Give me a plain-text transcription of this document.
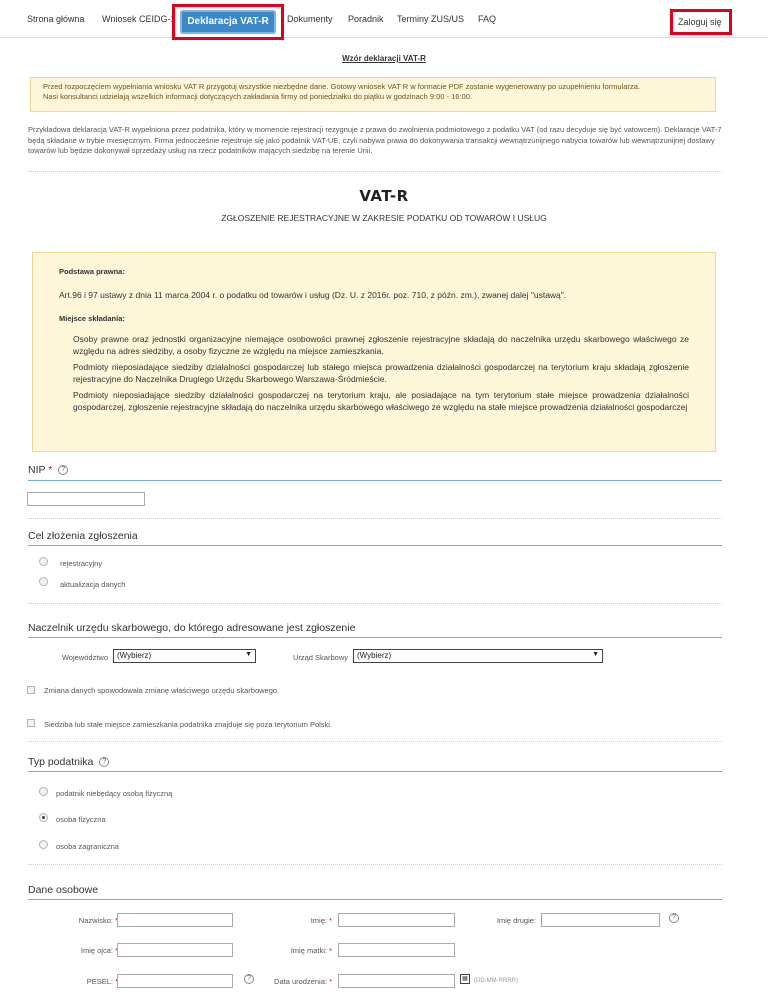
Strona główna Wniosek CEIDG-1	Deklaracja VAT-R	Dokumenty Poradnik Terminy ZUS/US FAQ	Zaloguj się
Wzór deklaracji VAT-R
Przed rozpoczęciem wypełniania wniosku VAT R przygotuj wszystkie niezbędne dane. Gotowy wniosek VAT R w formacie PDF zostanie wygenerowany po uzupełnieniu formularza.
Nasi konsultanci udzielają wszelkich informacji dotyczących zakładania firmy od poniedziałku do piątku w godzinach 9:00 - 16:00.
Przykładowa deklaracja VAT-R wypełniona przez podatnika, który w momencie rejestracji rezygnuje z prawa do zwolnienia podmiotowego z podatku VAT (od razu decyduje się być vatowcem). Deklaracje VAT-7 będą składane w trybie miesięcznym. Firma jednocześnie rejestruje się jako podatnik VAT-UE, czyli nabywa prawa do dokonywania transakcji wewnątrzunijnego nabycia towarów lub wewnątrzunijnej dostawy towarów lub będzie dokonywał sprzedaży usług na rzecz podatników mających siedzibę na terenie Unii.
VAT-R
ZGŁOSZENIE REJESTRACYJNE W ZAKRESIE PODATKU OD TOWARÓW I USŁUG
Podstawa prawna:
Art.96 i 97 ustawy z dnia 11 marca 2004 r. o podatku od towarów i usług (Dz. U. z 2016r. poz. 710, z późn. zm.), zwanej dalej "ustawą".
Miejsce składania:
Osoby prawne oraz jednostki organizacyjne niemające osobowości prawnej zgłoszenie rejestracyjne składają do naczelnika urzędu skarbowego właściwego ze względu na adres siedziby, a osoby fizyczne ze względu na miejsce zamieszkania.
Podmioty nieposiadające siedziby działalności gospodarczej lub stałego miejsca prowadzenia działalności gospodarczej na terytorium kraju składają zgłoszenie rejestracyjne do Naczelnika Drugiego Urzędu Skarbowego Warszawa-Śródmieście.
Podmioty nieposiadające siedziby działalności gospodarczej na terytorium kraju, ale posiadające na tym terytorium stałe miejsce prowadzenia działalności gospodarczej, zgłoszenie rejestracyjne składają do naczelnika urzędu skarbowego właściwego ze względu na stałe miejsce prowadzenia działalności gospodarczej
NIP * ?
Cel złożenia zgłoszenia
rejestracyjny
aktualizacja danych
Naczelnik urzędu skarbowego, do którego adresowane jest zgłoszenie
Województwo	(Wybierz)	▼	Urząd Skarbowy	(Wybierz)	▼
Zmiana danych spowodowała zmianę właściwego urzędu skarbowego.
Siedziba lub stałe miejsce zamieszkania podatnika znajduje się poza terytorium Polski.
Typ podatnika ?
podatnik niebędący osobą fizyczną
osoba fizyczna
osoba zagraniczna
Dane osobowe
Nazwisko:	Imię: *	Imię drugie:	?
Imię ojca:	Imię matki: *
PESEL:	?	Data urodzenia: *	▦	(DD-MM-RRRR)
